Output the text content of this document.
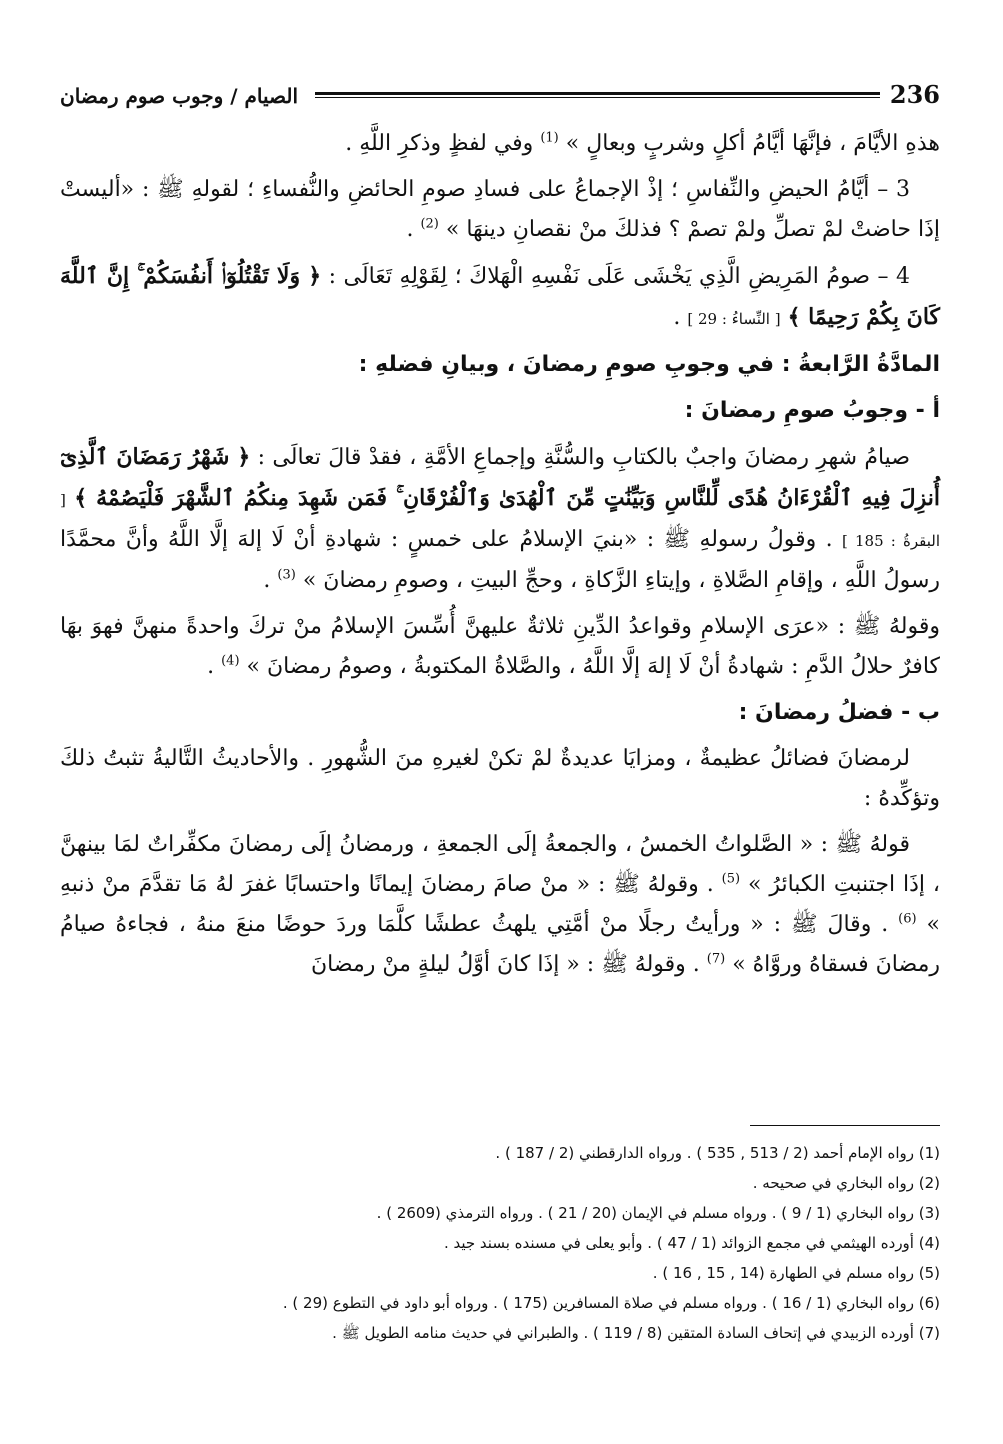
236
الصيام / وجوب صوم رمضان

هذهِ الأيَّامَ ، فإنَّهَا أيَّامُ أكلٍ وشربٍ وبعالٍ » $^{(1)}$ وفي لفظٍ وذكرِ اللَّهِ .

3 – أيَّامُ الحيضِ والنِّفاسِ ؛ إذْ الإجماعُ على فسادِ صومِ الحائضِ والنُّفساءِ ؛ لقولهِ ﷺ : «أليستْ إذَا حاضتْ لمْ تصلِّ ولمْ تصمْ ؟ فذلكَ منْ نقصانِ دينهَا » $^{(2)}$ .

4 – صومُ المَرِيضِ الَّذِي يَخْشَى عَلَى نَفْسِهِ الْهَلاكَ ؛ لِقَوْلِهِ تَعَالَى : ﴿ وَلَا تَقْتُلُوٓا۟ أَنفُسَكُمْ ۚ إِنَّ ٱللَّهَ كَانَ بِكُمْ رَحِيمًا ﴾ [ النِّساءُ : 29 ] .

المادَّةُ الرَّابعةُ : في وجوبِ صومِ رمضانَ ، وبيانِ فضلهِ :

أ - وجوبُ صومِ رمضانَ :

صيامُ شهرِ رمضانَ واجبٌ بالكتابِ والسُّنَّةِ وإجماعِ الأمَّةِ ، فقدْ قالَ تعالَى : ﴿ شَهْرُ رَمَضَانَ ٱلَّذِىٓ أُنزِلَ فِيهِ ٱلْقُرْءَانُ هُدًى لِّلنَّاسِ وَبَيِّنَٰتٍ مِّنَ ٱلْهُدَىٰ وَٱلْفُرْقَانِ ۚ فَمَن شَهِدَ مِنكُمُ ٱلشَّهْرَ فَلْيَصُمْهُ ﴾ [ البقرةُ : 185 ] . وقولُ رسولهِ ﷺ : «بنيَ الإسلامُ على خمسٍ : شهادةِ أنْ لَا إلهَ إلَّا اللَّهُ وأنَّ محمَّدًا رسولُ اللَّهِ ، وإقامِ الصَّلاةِ ، وإيتاءِ الزَّكاةِ ، وحجِّ البيتِ ، وصومِ رمضانَ » $^{(3)}$ .

وقولهُ ﷺ : «عرَى الإسلامِ وقواعدُ الدِّينِ ثلاثةٌ عليهنَّ أُسِّسَ الإسلامُ منْ تركَ واحدةً منهنَّ فهوَ بهَا كافرٌ حلالُ الدَّمِ : شهادةُ أنْ لَا إلهَ إلَّا اللَّهُ ، والصَّلاةُ المكتوبةُ ، وصومُ رمضانَ » $^{(4)}$ .

ب - فضلُ رمضانَ :

لرمضانَ فضائلُ عظيمةٌ ، ومزايَا عديدةٌ لمْ تكنْ لغيرهِ منَ الشُّهورِ . والأحاديثُ التَّاليةُ تثبتُ ذلكَ وتؤكِّدهُ :

قولهُ ﷺ : « الصَّلواتُ الخمسُ ، والجمعةُ إلَى الجمعةِ ، ورمضانُ إلَى رمضانَ مكفِّراتٌ لمَا بينهنَّ ، إذَا اجتنبتِ الكبائرُ » $^{(5)}$ . وقولهُ ﷺ : « منْ صامَ رمضانَ إيمانًا واحتسابًا غفرَ لهُ مَا تقدَّمَ منْ ذنبهِ » $^{(6)}$ . وقالَ ﷺ : « ورأيتُ رجلًا منْ أمَّتِي يلهثُ عطشًا كلَّمَا وردَ حوضًا منعَ منهُ ، فجاءهُ صيامُ رمضانَ فسقاهُ وروَّاهُ » $^{(7)}$ . وقولهُ ﷺ : « إذَا كانَ أوَّلُ ليلةٍ منْ رمضانَ

(1) رواه الإمام أحمد (2 / 513 , 535 ) . ورواه الدارقطني (2 / 187 ) .
(2) رواه البخاري في صحيحه .
(3) رواه البخاري (1 / 9 ) . ورواه مسلم في الإيمان (20 / 21 ) . ورواه الترمذي (2609 ) .
(4) أورده الهيثمي في مجمع الزوائد (1 / 47 ) . وأبو يعلى في مسنده بسند جيد .
(5) رواه مسلم في الطهارة (14 , 15 , 16 ) .
(6) رواه البخاري (1 / 16 ) . ورواه مسلم في صلاة المسافرين (175 ) . ورواه أبو داود في التطوع (29 ) .
(7) أورده الزبيدي في إتحاف السادة المتقين (8 / 119 ) . والطبراني في حديث منامه الطويل ﷺ .
